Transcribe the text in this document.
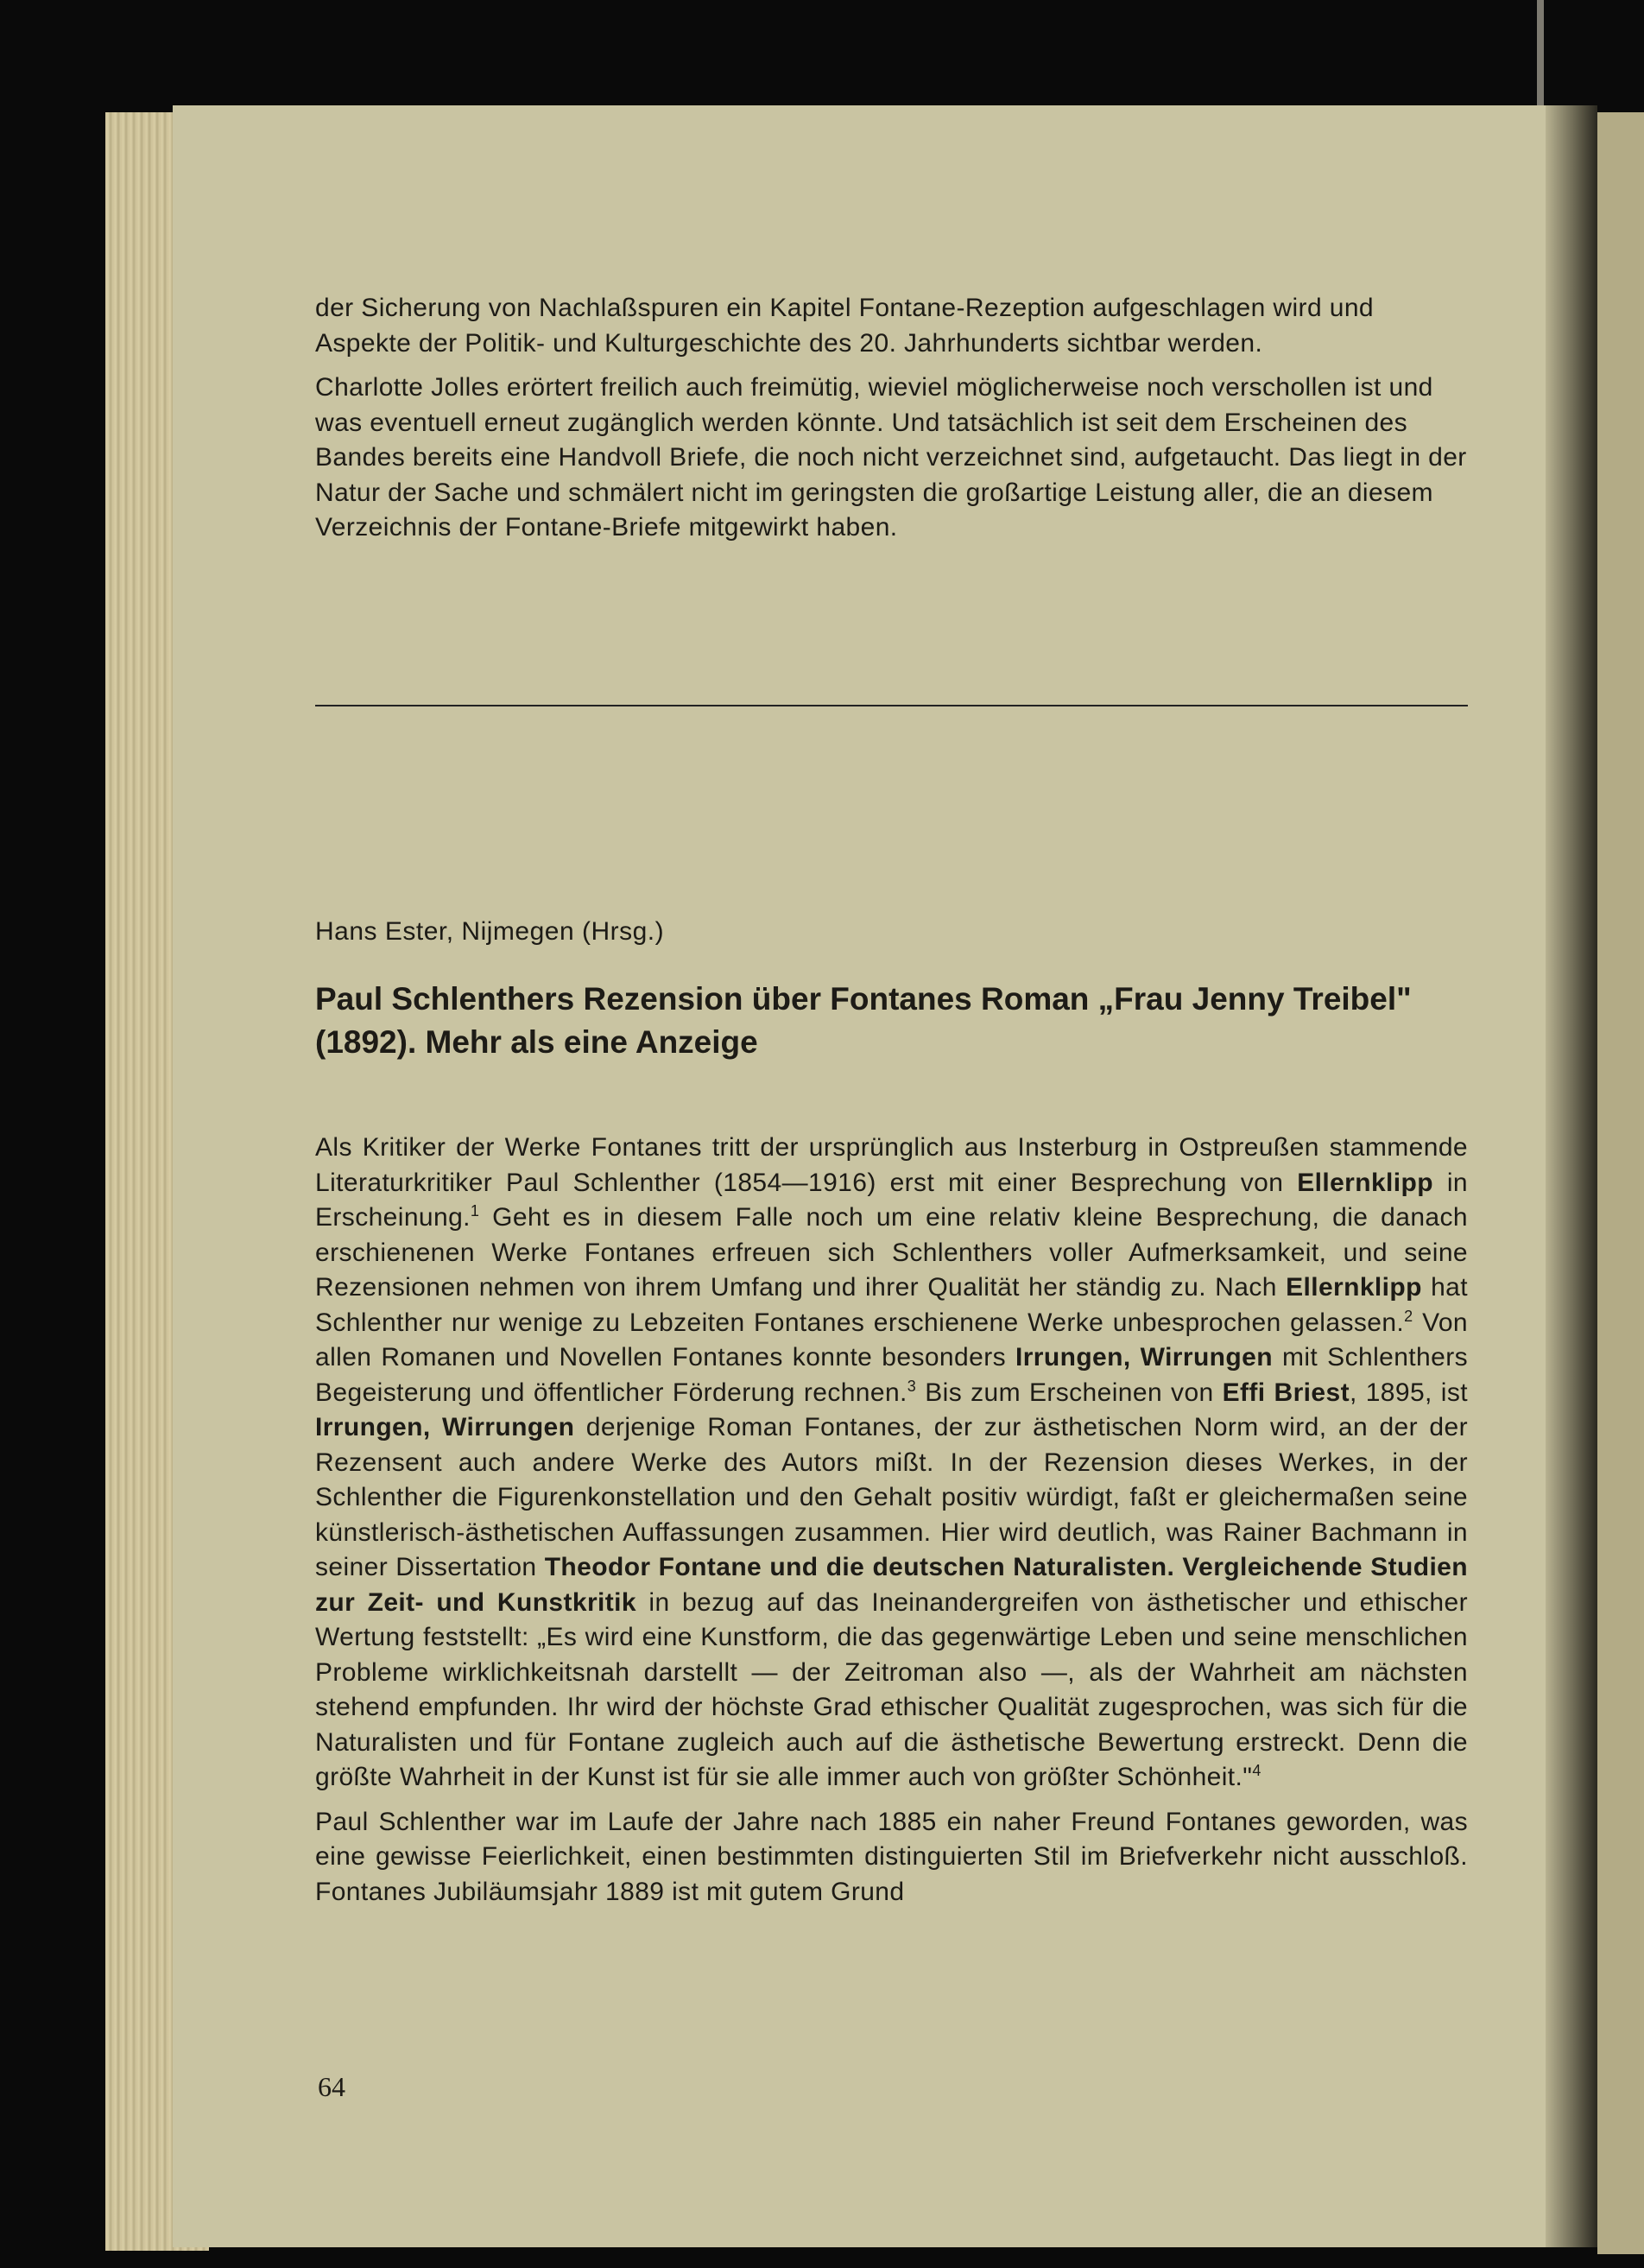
der Sicherung von Nachlaßspuren ein Kapitel Fontane-Rezeption aufgeschlagen wird und Aspekte der Politik- und Kulturgeschichte des 20. Jahrhunderts sichtbar werden.

Charlotte Jolles erörtert freilich auch freimütig, wieviel möglicherweise noch verschollen ist und was eventuell erneut zugänglich werden könnte. Und tatsächlich ist seit dem Erscheinen des Bandes bereits eine Handvoll Briefe, die noch nicht verzeichnet sind, aufgetaucht. Das liegt in der Natur der Sache und schmälert nicht im geringsten die großartige Leistung aller, die an diesem Verzeichnis der Fontane-Briefe mitgewirkt haben.

Hans Ester, Nijmegen (Hrsg.)
Paul Schlenthers Rezension über Fontanes Roman „Frau Jenny Treibel" (1892). Mehr als eine Anzeige

Als Kritiker der Werke Fontanes tritt der ursprünglich aus Insterburg in Ostpreußen stammende Literaturkritiker Paul Schlenther (1854—1916) erst mit einer Besprechung von Ellernklipp in Erscheinung.$^1$ Geht es in diesem Falle noch um eine relativ kleine Besprechung, die danach erschienenen Werke Fontanes erfreuen sich Schlenthers voller Aufmerksamkeit, und seine Rezensionen nehmen von ihrem Umfang und ihrer Qualität her ständig zu. Nach Ellernklipp hat Schlenther nur wenige zu Lebzeiten Fontanes erschienene Werke unbesprochen gelassen.$^2$ Von allen Romanen und Novellen Fontanes konnte besonders Irrungen, Wirrungen mit Schlenthers Begeisterung und öffentlicher Förderung rechnen.$^3$ Bis zum Erscheinen von Effi Briest, 1895, ist Irrungen, Wirrungen derjenige Roman Fontanes, der zur ästhetischen Norm wird, an der der Rezensent auch andere Werke des Autors mißt. In der Rezension dieses Werkes, in der Schlenther die Figurenkonstellation und den Gehalt positiv würdigt, faßt er gleichermaßen seine künstlerisch-ästhetischen Auffassungen zusammen. Hier wird deutlich, was Rainer Bachmann in seiner Dissertation Theodor Fontane und die deutschen Naturalisten. Vergleichende Studien zur Zeit- und Kunstkritik in bezug auf das Ineinandergreifen von ästhetischer und ethischer Wertung feststellt: „Es wird eine Kunstform, die das gegenwärtige Leben und seine menschlichen Probleme wirklichkeitsnah darstellt — der Zeitroman also —, als der Wahrheit am nächsten stehend empfunden. Ihr wird der höchste Grad ethischer Qualität zugesprochen, was sich für die Naturalisten und für Fontane zugleich auch auf die ästhetische Bewertung erstreckt. Denn die größte Wahrheit in der Kunst ist für sie alle immer auch von größter Schönheit."$^4$

Paul Schlenther war im Laufe der Jahre nach 1885 ein naher Freund Fontanes geworden, was eine gewisse Feierlichkeit, einen bestimmten distinguierten Stil im Briefverkehr nicht ausschloß. Fontanes Jubiläumsjahr 1889 ist mit gutem Grund

64
